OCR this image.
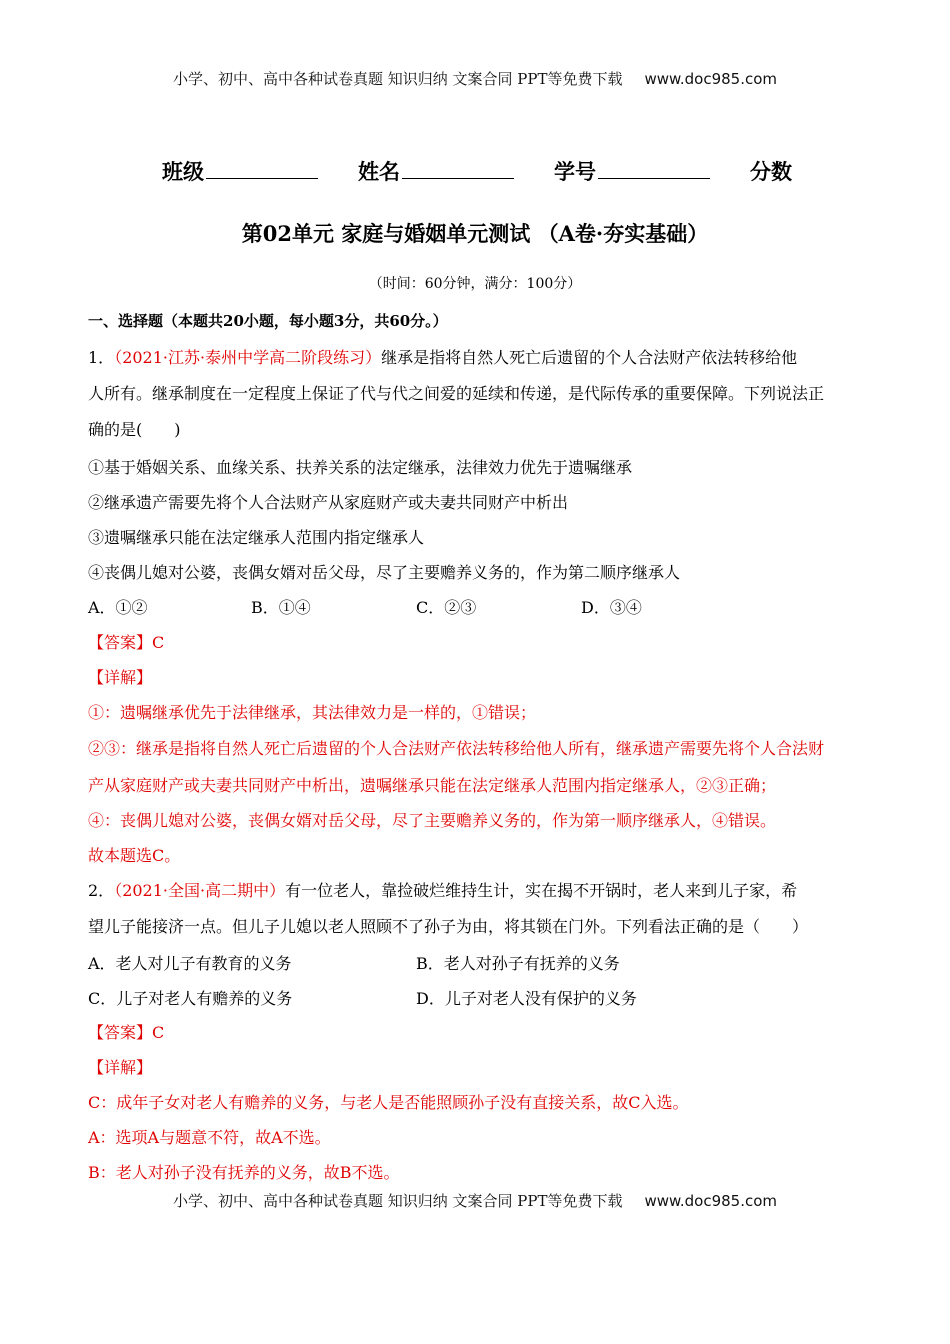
小学、初中、高中各种试卷真题 知识归纳 文案合同 PPT等免费下载 www.doc985.com
班级	姓名	学号	分数
第02单元 家庭与婚姻单元测试 （A卷·夯实基础）
（时间：60分钟，满分：100分）
一、选择题（本题共20小题，每小题3分，共60分。）
1．（2021·江苏·泰州中学高二阶段练习）继承是指将自然人死亡后遗留的个人合法财产依法转移给他
人所有。继承制度在一定程度上保证了代与代之间爱的延续和传递，是代际传承的重要保障。下列说法正
确的是(　　)
①基于婚姻关系、血缘关系、扶养关系的法定继承，法律效力优先于遗嘱继承
②继承遗产需要先将个人合法财产从家庭财产或夫妻共同财产中析出
③遗嘱继承只能在法定继承人范围内指定继承人
④丧偶儿媳对公婆，丧偶女婿对岳父母，尽了主要赡养义务的，作为第二顺序继承人
A．①②	B．①④	C．②③	D．③④
【答案】C
【详解】
①：遗嘱继承优先于法律继承，其法律效力是一样的，①错误；
②③：继承是指将自然人死亡后遗留的个人合法财产依法转移给他人所有，继承遗产需要先将个人合法财
产从家庭财产或夫妻共同财产中析出，遗嘱继承只能在法定继承人范围内指定继承人，②③正确；
④：丧偶儿媳对公婆，丧偶女婿对岳父母，尽了主要赡养义务的，作为第一顺序继承人，④错误。
故本题选C。
2．（2021·全国·高二期中）有一位老人，靠捡破烂维持生计，实在揭不开锅时，老人来到儿子家，希
望儿子能接济一点。但儿子儿媳以老人照顾不了孙子为由，将其锁在门外。下列看法正确的是（　　）
A．老人对儿子有教育的义务	B．老人对孙子有抚养的义务
C．儿子对老人有赡养的义务	D．儿子对老人没有保护的义务
【答案】C
【详解】
C：成年子女对老人有赡养的义务，与老人是否能照顾孙子没有直接关系，故C入选。
A：选项A与题意不符，故A不选。
B：老人对孙子没有抚养的义务，故B不选。
小学、初中、高中各种试卷真题 知识归纳 文案合同 PPT等免费下载 www.doc985.com
